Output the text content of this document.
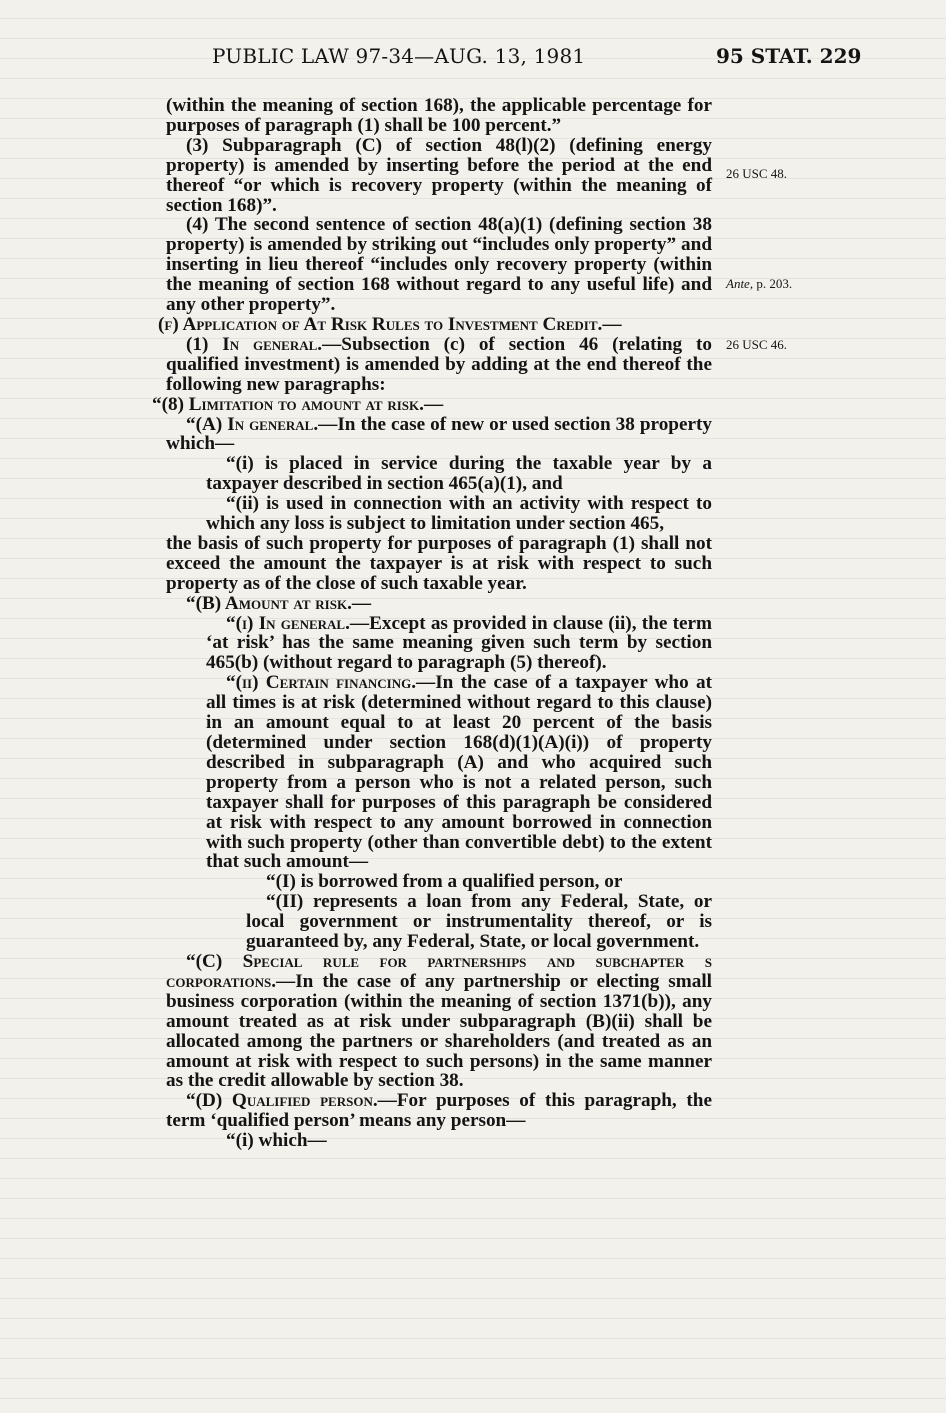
PUBLIC LAW 97-34—AUG. 13, 1981	95 STAT. 229
26 USC 48.
Ante, p. 203.
26 USC 46.

(within the meaning of section 168), the applicable percentage for purposes of paragraph (1) shall be 100 percent.”

(3) Subparagraph (C) of section 48(l)(2) (defining energy property) is amended by inserting before the period at the end thereof “or which is recovery property (within the meaning of section 168)”.

(4) The second sentence of section 48(a)(1) (defining section 38 property) is amended by striking out “includes only property” and inserting in lieu thereof “includes only recovery property (within the meaning of section 168 without regard to any useful life) and any other property”.

(f) Application of At Risk Rules to Investment Credit.—

(1) In general.—Subsection (c) of section 46 (relating to qualified investment) is amended by adding at the end thereof the following new paragraphs:

“(8) Limitation to amount at risk.—

“(A) In general.—In the case of new or used section 38 property which—

“(i) is placed in service during the taxable year by a taxpayer described in section 465(a)(1), and

“(ii) is used in connection with an activity with respect to which any loss is subject to limitation under section 465,

the basis of such property for purposes of paragraph (1) shall not exceed the amount the taxpayer is at risk with respect to such property as of the close of such taxable year.

“(B) Amount at risk.—

“(i) In general.—Except as provided in clause (ii), the term ‘at risk’ has the same meaning given such term by section 465(b) (without regard to paragraph (5) thereof).

“(ii) Certain financing.—In the case of a taxpayer who at all times is at risk (determined without regard to this clause) in an amount equal to at least 20 percent of the basis (determined under section 168(d)(1)(A)(i)) of property described in subparagraph (A) and who acquired such property from a person who is not a related person, such taxpayer shall for purposes of this paragraph be considered at risk with respect to any amount borrowed in connection with such property (other than convertible debt) to the extent that such amount—

“(I) is borrowed from a qualified person, or

“(II) represents a loan from any Federal, State, or local government or instrumentality thereof, or is guaranteed by, any Federal, State, or local government.

“(C) Special rule for partnerships and subchapter s corporations.—In the case of any partnership or electing small business corporation (within the meaning of section 1371(b)), any amount treated as at risk under subparagraph (B)(ii) shall be allocated among the partners or shareholders (and treated as an amount at risk with respect to such persons) in the same manner as the credit allowable by section 38.

“(D) Qualified person.—For purposes of this paragraph, the term ‘qualified person’ means any person—

“(i) which—
